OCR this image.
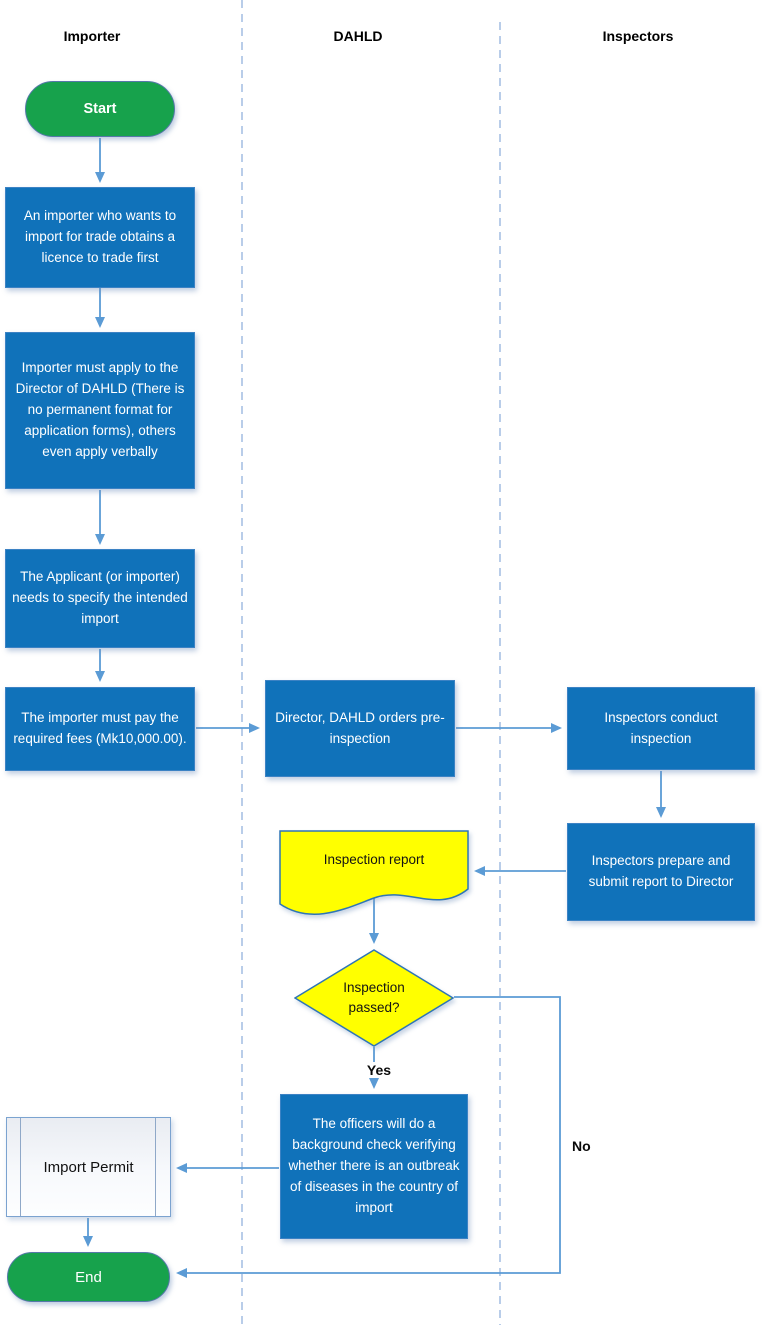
Importer	DAHLD	Inspectors
Start
An importer who wants to import for trade obtains a licence to trade first
Importer must apply to the Director of DAHLD (There is no permanent format for application forms), others even apply verbally
The Applicant (or importer) needs to specify the intended import
The importer must pay the required fees (Mk10,000.00).
Director, DAHLD orders pre-inspection
Inspection report
Inspection passed?
The officers will do a background check verifying whether there is an outbreak of diseases in the country of import
Yes
No
Inspectors conduct inspection
Inspectors prepare and submit report to Director
Import Permit
End
